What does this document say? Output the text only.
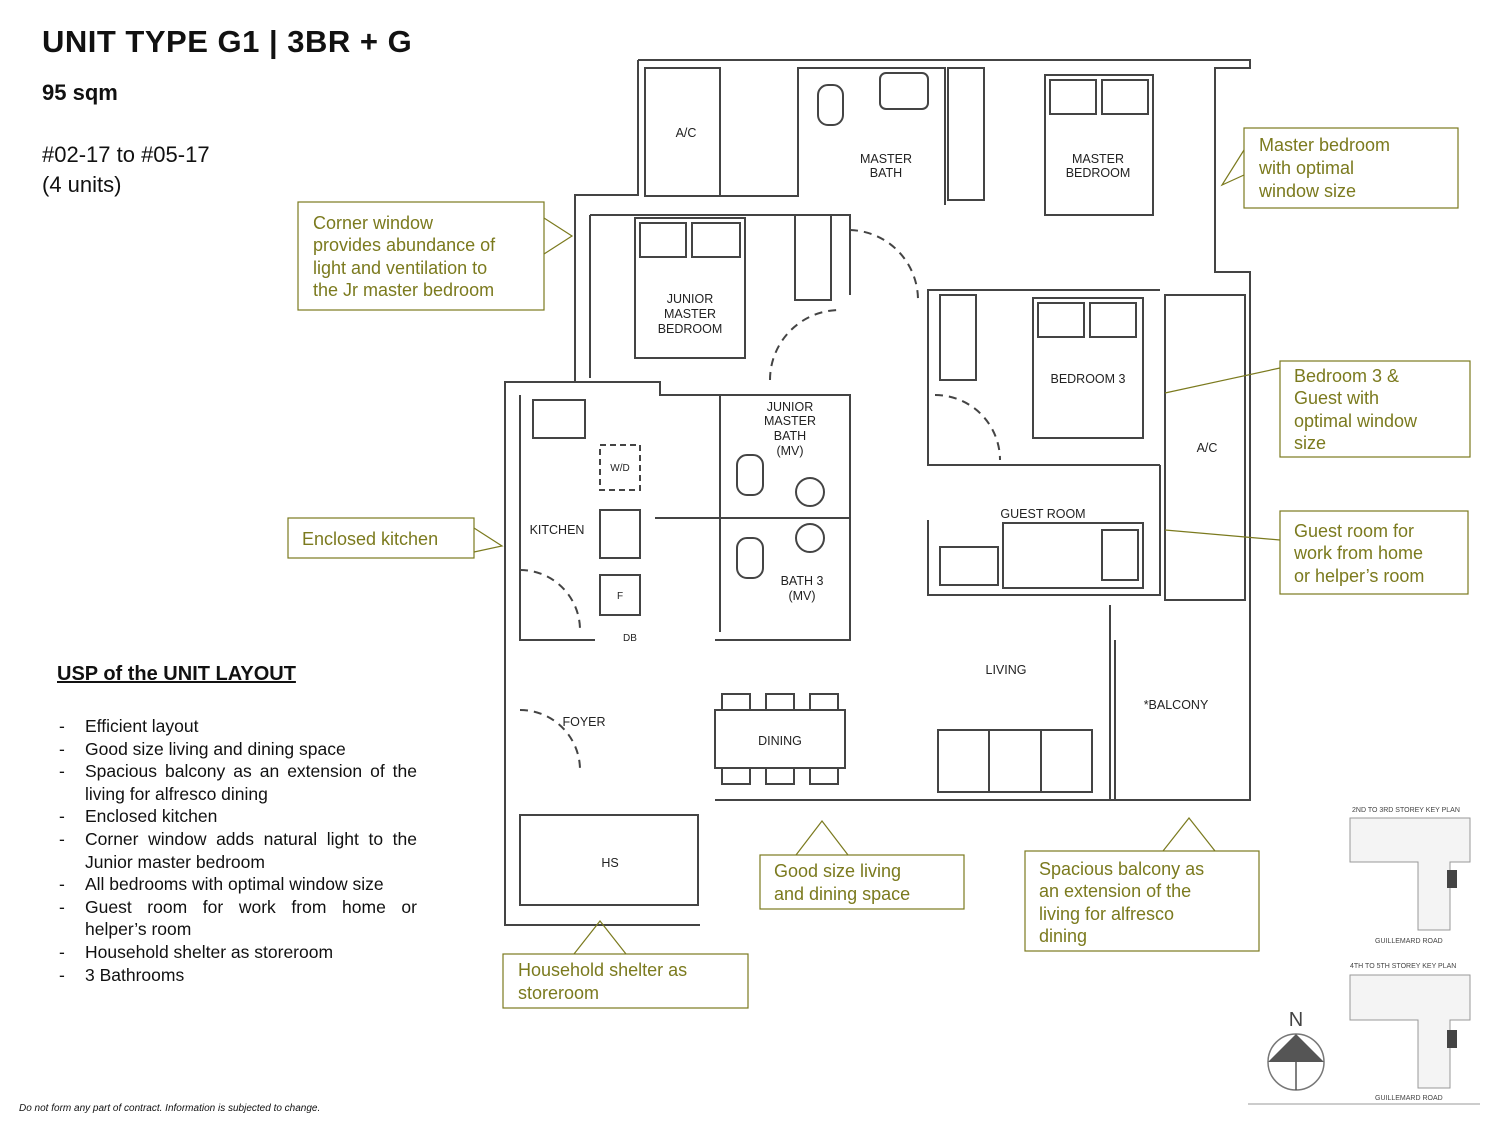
UNIT TYPE G1 | 3BR + G
95 sqm
#02-17 to #05-17
(4 units)
USP of the UNIT LAYOUT
- Efficient layout
- Good size living and dining space
- Spacious balcony as an extension of the living for alfresco dining
- Enclosed kitchen
- Corner window adds natural light to the Junior master bedroom
- All bedrooms with optimal window size
- Guest room for work from home or helper’s room
- Household shelter as storeroom
- 3 Bathrooms
Do not form any part of contract. Information is subjected to change.
A/C
MASTER
BATH
MASTER
BEDROOM
JUNIOR
MASTER
BEDROOM
JUNIOR
MASTER
BATH
(MV)
BEDROOM 3
A/C
W/D
KITCHEN
F
DB
BATH 3
(MV)
GUEST ROOM
LIVING
FOYER
DINING
*BALCONY
HS
Master bedroom
with optimal
window size
Corner window
provides abundance of
light and ventilation to
the Jr master bedroom
Bedroom 3 &
Guest with
optimal window
size
Guest room for
work from home
or helper’s room
Enclosed kitchen
Good size living
and dining space
Spacious balcony as
an extension of the
living for alfresco
dining
Household shelter as
storeroom
2ND TO 3RD STOREY KEY PLAN
GUILLEMARD ROAD
4TH TO 5TH STOREY KEY PLAN
GUILLEMARD ROAD
N
